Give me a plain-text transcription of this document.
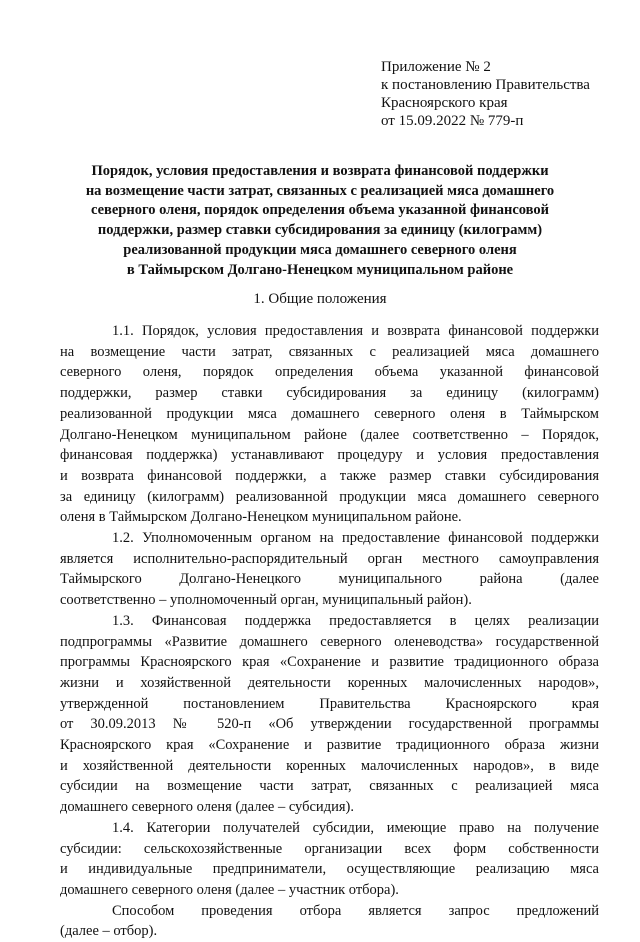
Приложение № 2
к постановлению Правительства
Красноярского края
от 15.09.2022 № 779-п
Порядок, условия предоставления и возврата финансовой поддержки
на возмещение части затрат, связанных с реализацией мяса домашнего
северного оленя, порядок определения объема указанной финансовой
поддержки, размер ставки субсидирования за единицу (килограмм)
реализованной продукции мяса домашнего северного оленя
в Таймырском Долгано-Ненецком муниципальном районе
1. Общие положения

1.1. Порядок, условия предоставления и возврата финансовой поддержки
на возмещение части затрат, связанных с реализацией мяса домашнего
северного оленя, порядок определения объема указанной финансовой
поддержки, размер ставки субсидирования за единицу (килограмм)
реализованной продукции мяса домашнего северного оленя в Таймырском
Долгано-Ненецком муниципальном районе (далее соответственно – Порядок,
финансовая поддержка) устанавливают процедуру и условия предоставления
и возврата финансовой поддержки, а также размер ставки субсидирования
за единицу (килограмм) реализованной продукции мяса домашнего северного
оленя в Таймырском Долгано-Ненецком муниципальном районе.

1.2. Уполномоченным органом на предоставление финансовой поддержки
является исполнительно-распорядительный орган местного самоуправления
Таймырского Долгано-Ненецкого муниципального района (далее
соответственно – уполномоченный орган, муниципальный район).

1.3. Финансовая поддержка предоставляется в целях реализации
подпрограммы «Развитие домашнего северного оленеводства» государственной
программы Красноярского края «Сохранение и развитие традиционного образа
жизни и хозяйственной деятельности коренных малочисленных народов»,
утвержденной постановлением Правительства Красноярского края
от 30.09.2013 № 520-п «Об утверждении государственной программы
Красноярского края «Сохранение и развитие традиционного образа жизни
и хозяйственной деятельности коренных малочисленных народов», в виде
субсидии на возмещение части затрат, связанных с реализацией мяса
домашнего северного оленя (далее – субсидия).

1.4. Категории получателей субсидии, имеющие право на получение
субсидии: сельскохозяйственные организации всех форм собственности
и индивидуальные предприниматели, осуществляющие реализацию мяса
домашнего северного оленя (далее – участник отбора).

Способом проведения отбора является запрос предложений
(далее – отбор).
